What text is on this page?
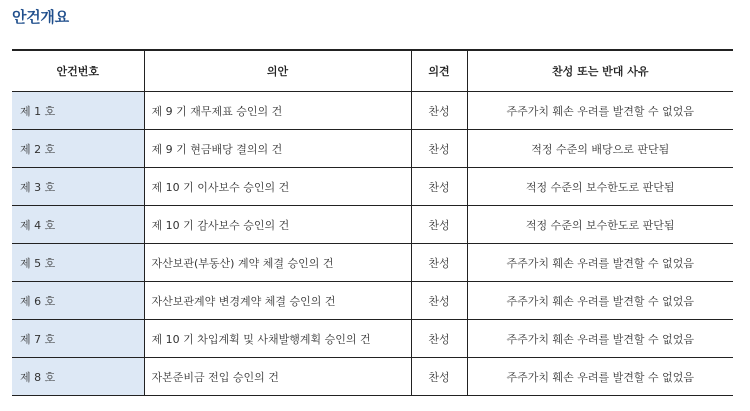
안건개요
안건번호	의안	의견	찬성 또는 반대 사유
제 1 호	제 9 기 재무제표 승인의 건	찬성	주주가치 훼손 우려를 발견할 수 없었음
제 2 호	제 9 기 현금배당 결의의 건	찬성	적정 수준의 배당으로 판단됨
제 3 호	제 10 기 이사보수 승인의 건	찬성	적정 수준의 보수한도로 판단됨
제 4 호	제 10 기 감사보수 승인의 건	찬성	적정 수준의 보수한도로 판단됨
제 5 호	자산보관(부동산) 계약 체결 승인의 건	찬성	주주가치 훼손 우려를 발견할 수 없었음
제 6 호	자산보관계약 변경계약 체결 승인의 건	찬성	주주가치 훼손 우려를 발견할 수 없었음
제 7 호	제 10 기 차입계획 및 사채발행계획 승인의 건	찬성	주주가치 훼손 우려를 발견할 수 없었음
제 8 호	자본준비금 전입 승인의 건	찬성	주주가치 훼손 우려를 발견할 수 없었음
